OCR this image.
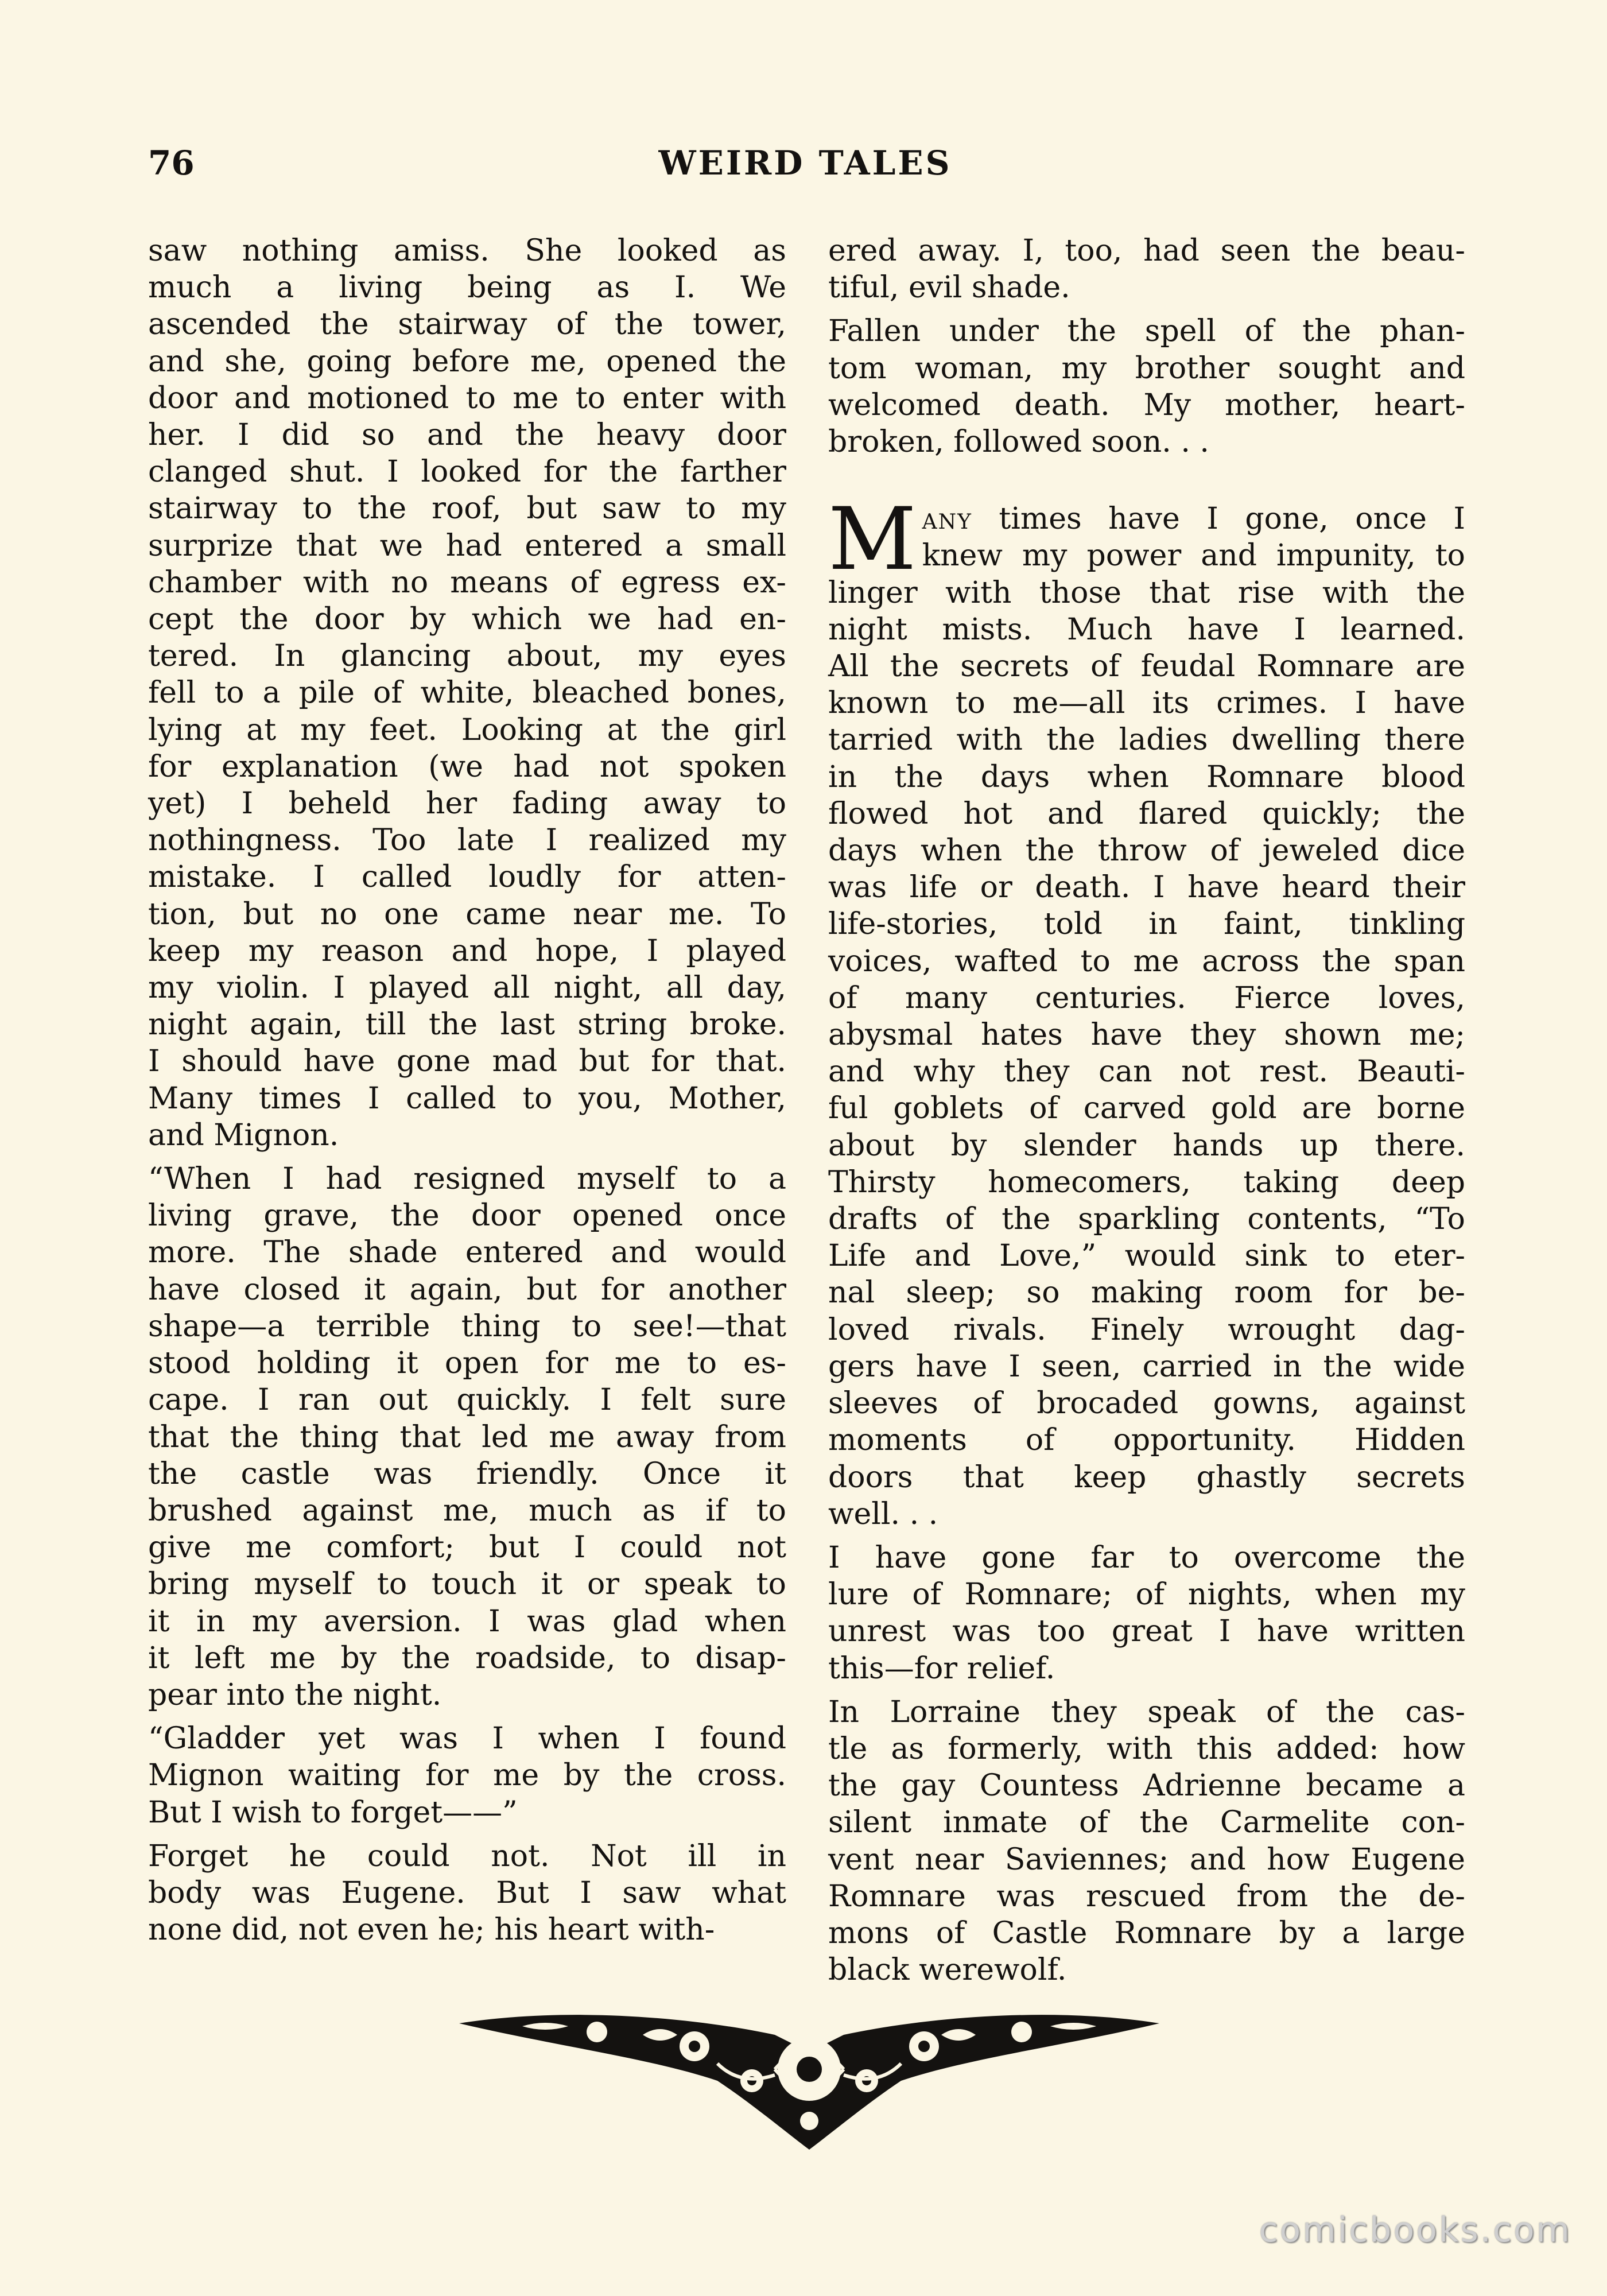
76	WEIRD TALES
saw nothing amiss. She looked as
much a living being as I. We
ascended the stairway of the tower,
and she, going before me, opened the
door and motioned to me to enter with
her. I did so and the heavy door
clanged shut. I looked for the farther
stairway to the roof, but saw to my
surprize that we had entered a small
chamber with no means of egress ex-
cept the door by which we had en-
tered. In glancing about, my eyes
fell to a pile of white, bleached bones,
lying at my feet. Looking at the girl
for explanation (we had not spoken
yet) I beheld her fading away to
nothingness. Too late I realized my
mistake. I called loudly for atten-
tion, but no one came near me. To
keep my reason and hope, I played
my violin. I played all night, all day,
night again, till the last string broke.
I should have gone mad but for that.
Many times I called to you, Mother,
and Mignon.
“When I had resigned myself to a
living grave, the door opened once
more. The shade entered and would
have closed it again, but for another
shape—a terrible thing to see!—that
stood holding it open for me to es-
cape. I ran out quickly. I felt sure
that the thing that led me away from
the castle was friendly. Once it
brushed against me, much as if to
give me comfort; but I could not
bring myself to touch it or speak to
it in my aversion. I was glad when
it left me by the roadside, to disap-
pear into the night.
“Gladder yet was I when I found
Mignon waiting for me by the cross.
But I wish to forget——”
Forget he could not. Not ill in
body was Eugene. But I saw what
none did, not even he; his heart with-
ered away. I, too, had seen the beau-
tiful, evil shade.
Fallen under the spell of the phan-
tom woman, my brother sought and
welcomed death. My mother, heart-
broken, followed soon. . .
M any times have I gone, once I
knew my power and impunity, to
linger with those that rise with the
night mists. Much have I learned.
All the secrets of feudal Romnare are
known to me—all its crimes. I have
tarried with the ladies dwelling there
in the days when Romnare blood
flowed hot and flared quickly; the
days when the throw of jeweled dice
was life or death. I have heard their
life-stories, told in faint, tinkling
voices, wafted to me across the span
of many centuries. Fierce loves,
abysmal hates have they shown me;
and why they can not rest. Beauti-
ful goblets of carved gold are borne
about by slender hands up there.
Thirsty homecomers, taking deep
drafts of the sparkling contents, “To
Life and Love,” would sink to eter-
nal sleep; so making room for be-
loved rivals. Finely wrought dag-
gers have I seen, carried in the wide
sleeves of brocaded gowns, against
moments of opportunity. Hidden
doors that keep ghastly secrets
well. . .
I have gone far to overcome the
lure of Romnare; of nights, when my
unrest was too great I have written
this—for relief.
In Lorraine they speak of the cas-
tle as formerly, with this added: how
the gay Countess Adrienne became a
silent inmate of the Carmelite con-
vent near Saviennes; and how Eugene
Romnare was rescued from the de-
mons of Castle Romnare by a large
black werewolf.
comicbooks.com
